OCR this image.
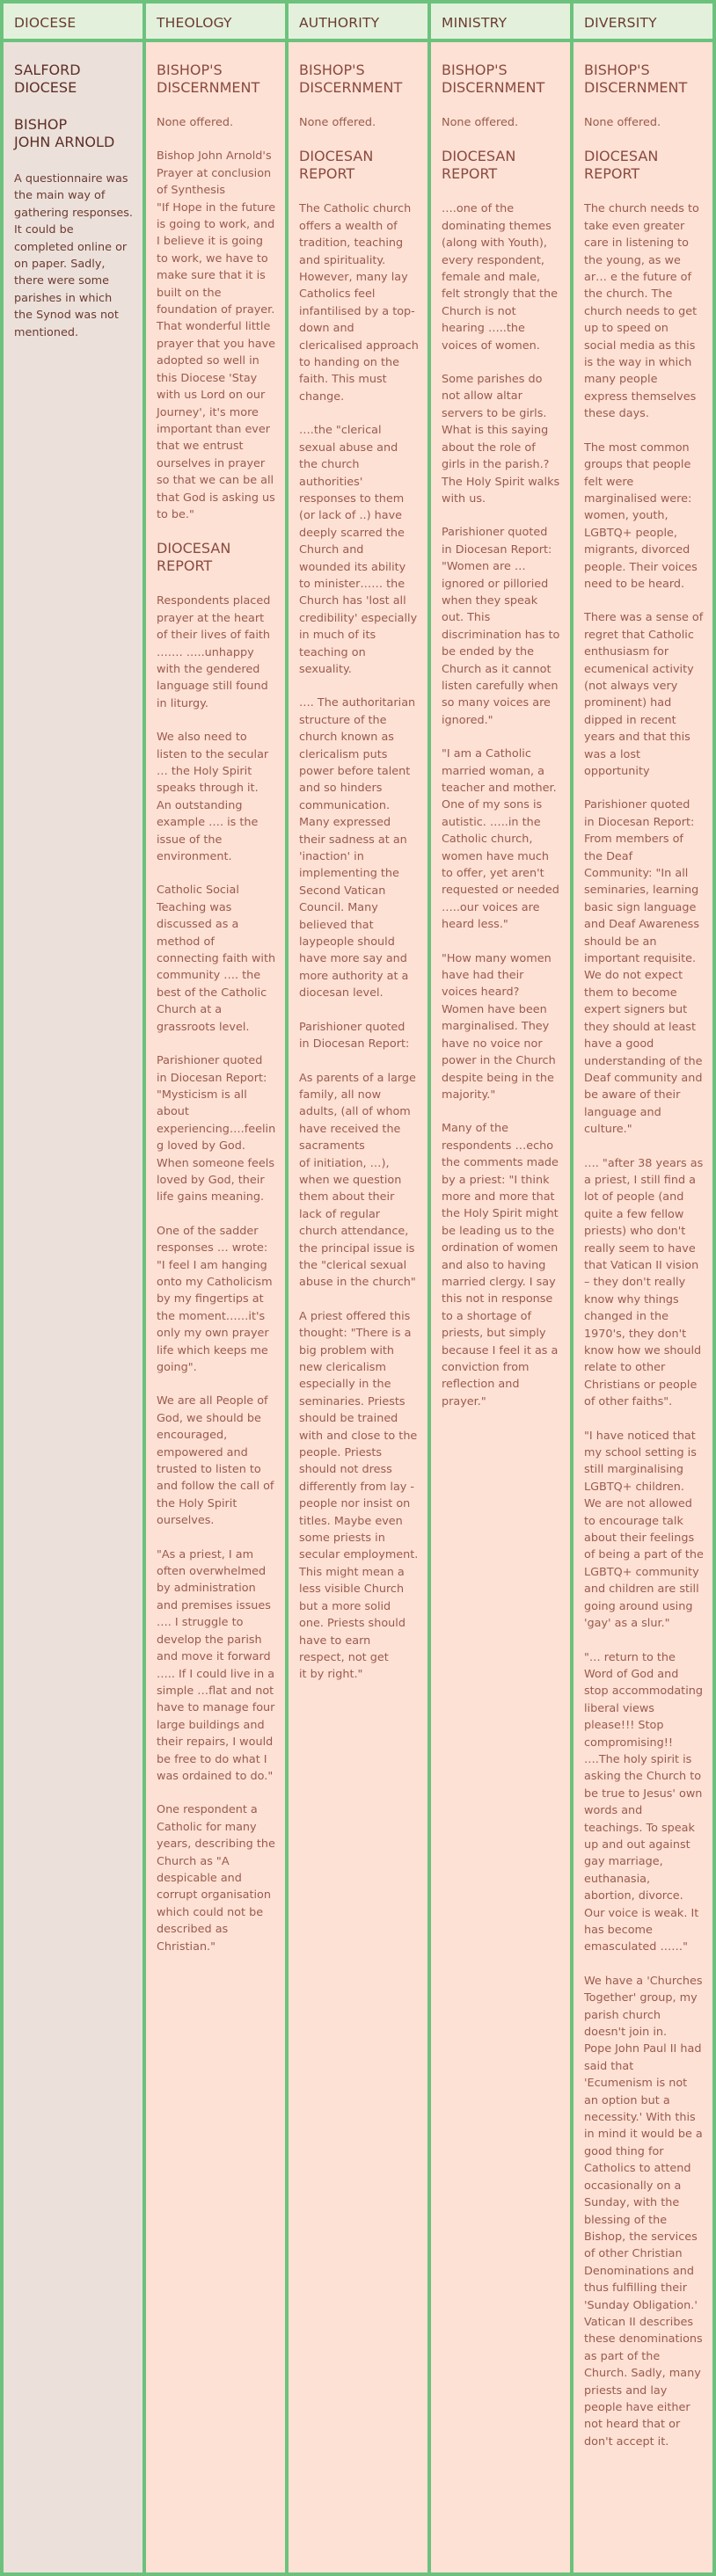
DIOCESE
SALFORD
DIOCESE
BISHOP
JOHN ARNOLD

A questionnaire was the main way of gathering responses. It could be completed online or on paper. Sadly, there were some parishes in which the Synod was not mentioned.

THEOLOGY
BISHOP'S
DISCERNMENT

None offered.

Bishop John Arnold's Prayer at conclusion of Synthesis
"If Hope in the future is going to work, and I believe it is going to work, we have to make sure that it is built on the foundation of prayer. That wonderful little prayer that you have adopted so well in this Diocese 'Stay with us Lord on our Journey', it's more important than ever that we entrust ourselves in prayer so that we can be all that God is asking us to be."

DIOCESAN
REPORT

Respondents placed prayer at the heart of their lives of faith ……. …..unhappy with the gendered language still found in liturgy.

We also need to listen to the secular … the Holy Spirit speaks through it. An outstanding example …. is the issue of the environment.

Catholic Social Teaching was discussed as a method of connecting faith with community …. the best of the Catholic Church at a grassroots level.

Parishioner quoted in Diocesan Report: "Mysticism is all about experiencing….feeling loved by God. When someone feels loved by God, their life gains meaning.

One of the sadder responses … wrote: "I feel I am hanging onto my Catholicism by my fingertips at the moment……it's only my own prayer life which keeps me going".

We are all People of God, we should be encouraged, empowered and trusted to listen to and follow the call of the Holy Spirit ourselves.

"As a priest, I am often overwhelmed by administration and premises issues …. I struggle to develop the parish and move it forward ….. If I could live in a simple …flat and not have to manage four large buildings and their repairs, I would be free to do what I was ordained to do."

One respondent a Catholic for many years, describing the Church as "A despicable and corrupt organisation which could not be described as Christian."

AUTHORITY
BISHOP'S
DISCERNMENT

None offered.

DIOCESAN
REPORT

The Catholic church offers a wealth of tradition, teaching and spirituality. However, many lay Catholics feel infantilised by a top-down and clericalised approach to handing on the faith. This must change.

….the "clerical sexual abuse and the church authorities' responses to them (or lack of ..) have deeply scarred the Church and wounded its ability to minister…… the Church has 'lost all credibility' especially in much of its teaching on sexuality.

…. The authoritarian structure of the church known as clericalism puts power before talent and so hinders communication. Many expressed their sadness at an 'inaction' in implementing the Second Vatican Council. Many believed that laypeople should have more say and more authority at a diocesan level.

Parishioner quoted in Diocesan Report:

As parents of a large family, all now adults, (all of whom have received the sacraments
of initiation, …), when we question them about their lack of regular church attendance, the principal issue is the "clerical sexual abuse in the church"

A priest offered this thought: "There is a big problem with new clericalism especially in the seminaries. Priests should be trained with and close to the people. Priests should not dress differently from lay - people nor insist on titles. Maybe even some priests in secular employment. This might mean a less visible Church but a more solid one. Priests should have to earn respect, not get
it by right."

MINISTRY
BISHOP'S
DISCERNMENT

None offered.

DIOCESAN
REPORT

….one of the dominating themes (along with Youth), every respondent, female and male, felt strongly that the Church is not hearing …..the voices of women.

Some parishes do not allow altar servers to be girls. What is this saying about the role of girls in the parish.? The Holy Spirit walks with us.

Parishioner quoted in Diocesan Report: "Women are … ignored or pilloried when they speak out. This discrimination has to be ended by the Church as it cannot listen carefully when so many voices are ignored."

"I am a Catholic married woman, a teacher and mother. One of my sons is autistic. …..in the Catholic church, women have much to offer, yet aren't requested or needed …..our voices are heard less."

"How many women have had their voices heard? Women have been marginalised. They have no voice nor power in the Church despite being in the majority."

Many of the respondents …echo the comments made by a priest: "I think more and more that the Holy Spirit might be leading us to the ordination of women and also to having married clergy. I say this not in response to a shortage of priests, but simply because I feel it as a conviction from reflection and prayer."

DIVERSITY
BISHOP'S
DISCERNMENT

None offered.

DIOCESAN
REPORT

The church needs to take even greater care in listening to the young, as we ar… e the future of the church. The church needs to get up to speed on social media as this is the way in which many people express themselves these days.

The most common groups that people felt were marginalised were: women, youth, LGBTQ+ people, migrants, divorced people. Their voices need to be heard.

There was a sense of regret that Catholic enthusiasm for ecumenical activity (not always very prominent) had dipped in recent years and that this was a lost opportunity

Parishioner quoted in Diocesan Report: From members of the Deaf Community: "In all seminaries, learning basic sign language and Deaf Awareness should be an important requisite. We do not expect them to become expert signers but they should at least have a good understanding of the Deaf community and be aware of their language and culture."

…. "after 38 years as a priest, I still find a lot of people (and quite a few fellow priests) who don't really seem to have that Vatican II vision – they don't really know why things changed in the 1970's, they don't know how we should relate to other Christians or people of other faiths".

"I have noticed that my school setting is still marginalising LGBTQ+ children. We are not allowed to encourage talk about their feelings of being a part of the LGBTQ+ community and children are still going around using 'gay' as a slur."

"… return to the Word of God and stop accommodating liberal views please!!! Stop compromising!! ….The holy spirit is asking the Church to be true to Jesus' own words and teachings. To speak up and out against gay marriage, euthanasia, abortion, divorce. Our voice is weak. It has become emasculated ……"

We have a 'Churches Together' group, my parish church doesn't join in.
Pope John Paul II had said that 'Ecumenism is not an option but a necessity.' With this in mind it would be a good thing for Catholics to attend occasionally on a Sunday, with the blessing of the Bishop, the services of other Christian Denominations and thus fulfilling their 'Sunday Obligation.' Vatican II describes these denominations as part of the Church. Sadly, many priests and lay people have either not heard that or don't accept it.
